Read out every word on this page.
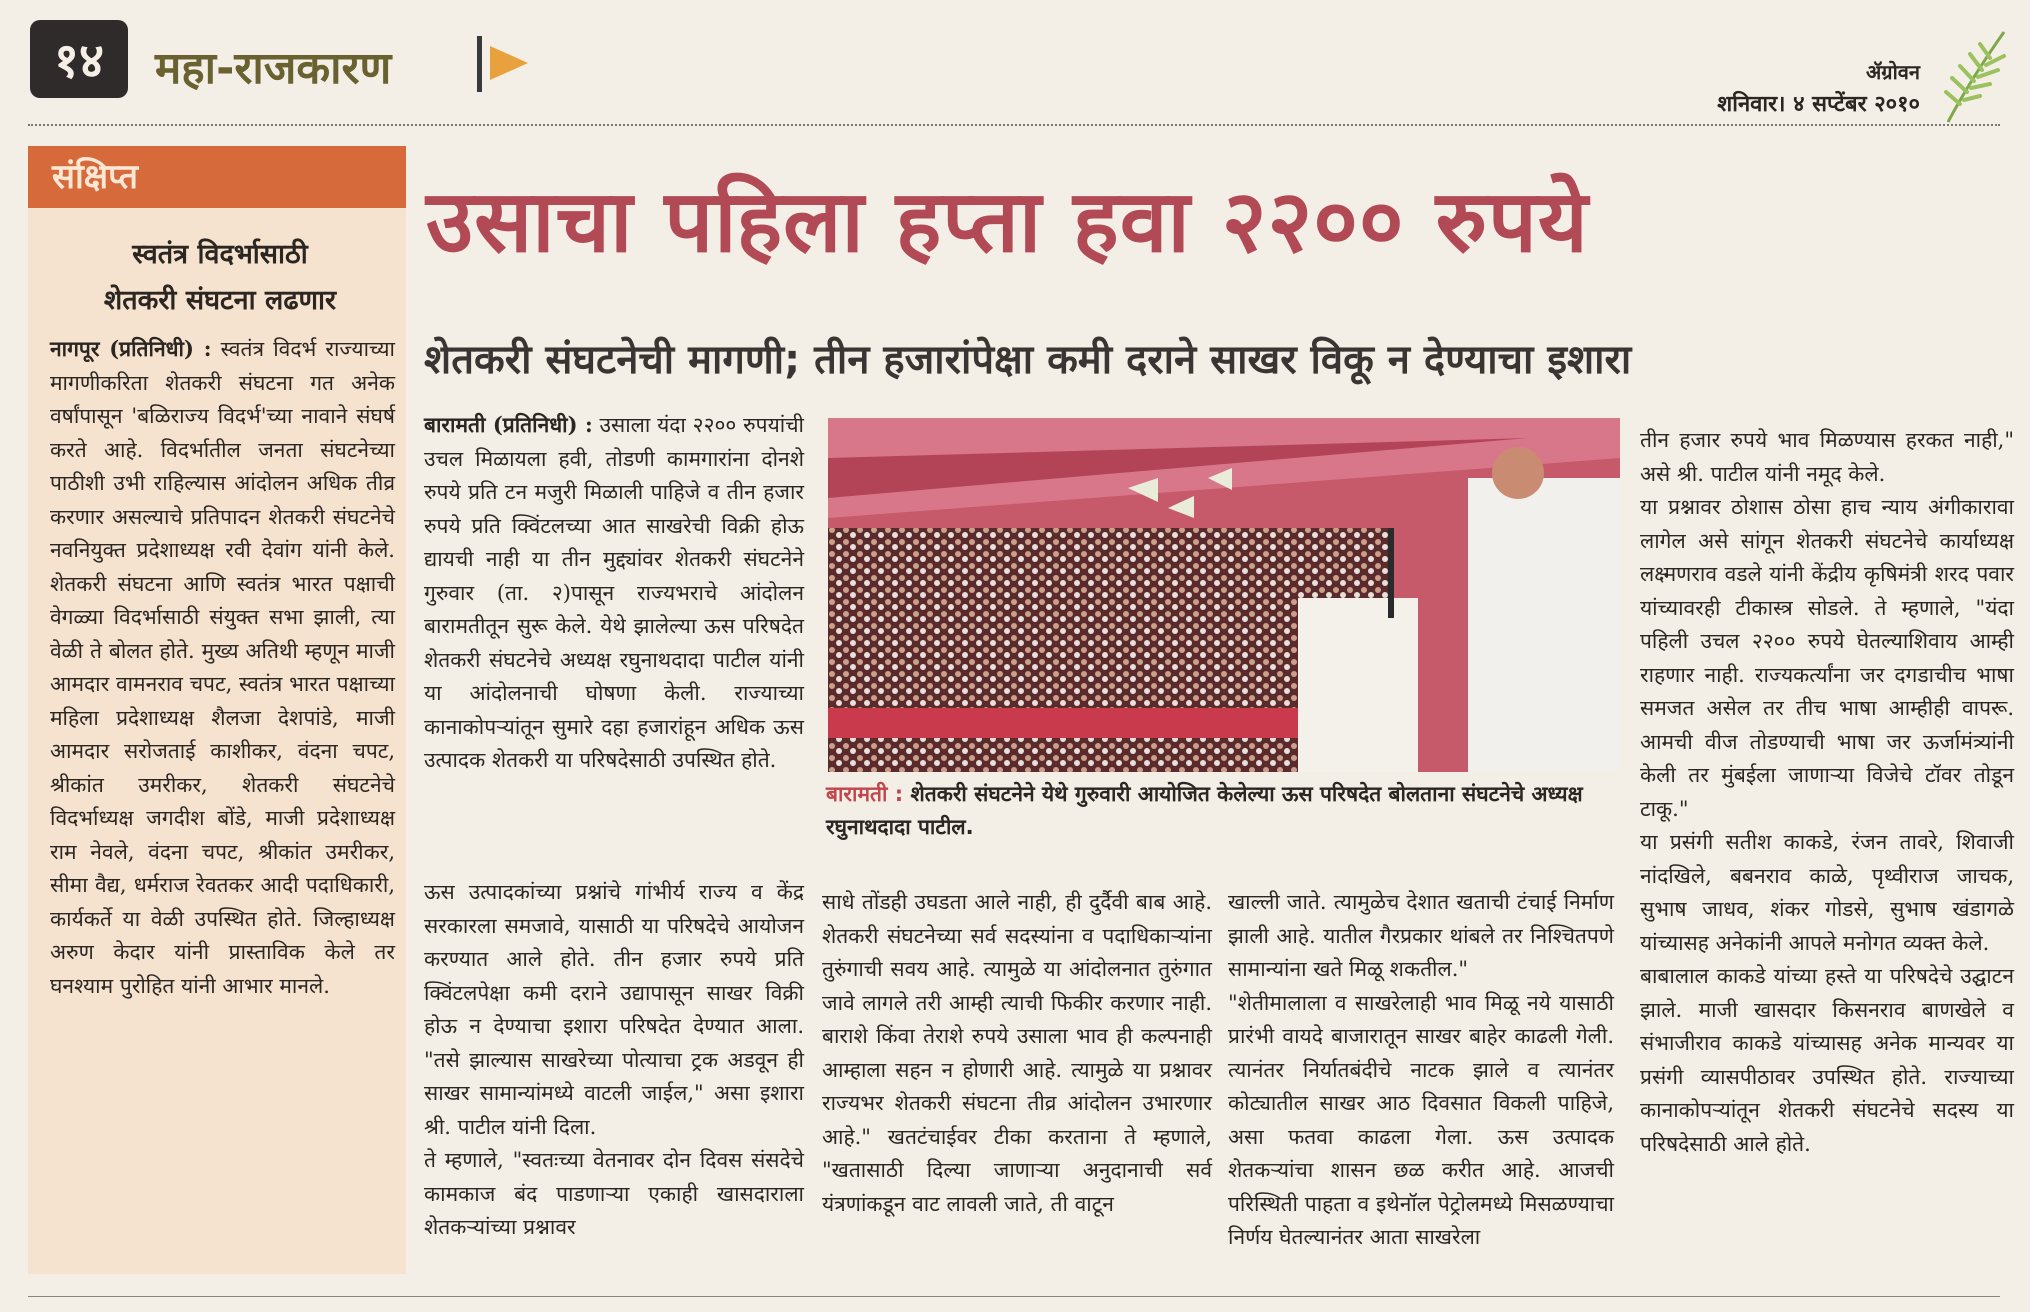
१४	महा-राजकारण	ॲग्रोवन
शनिवार। ४ सप्टेंबर २०१०
संक्षिप्त
स्वतंत्र विदर्भासाठी
शेतकरी संघटना लढणार
नागपूर (प्रतिनिधी) : स्वतंत्र विदर्भ राज्याच्या मागणीकरिता शेतकरी संघटना गत अनेक वर्षांपासून 'बळिराज्य विदर्भ'च्या नावाने संघर्ष करते आहे. विदर्भातील जनता संघटनेच्या पाठीशी उभी राहिल्यास आंदोलन अधिक तीव्र करणार असल्याचे प्रतिपादन शेतकरी संघटनेचे नवनियुक्त प्रदेशाध्यक्ष रवी देवांग यांनी केले. शेतकरी संघटना आणि स्वतंत्र भारत पक्षाची वेगळ्या विदर्भासाठी संयुक्त सभा झाली, त्या वेळी ते बोलत होते. मुख्य अतिथी म्हणून माजी आमदार वामनराव चपट, स्वतंत्र भारत पक्षाच्या महिला प्रदेशाध्यक्ष शैलजा देशपांडे, माजी आमदार सरोजताई काशीकर, वंदना चपट, श्रीकांत उमरीकर, शेतकरी संघटनेचे विदर्भाध्यक्ष जगदीश बोंडे, माजी प्रदेशाध्यक्ष राम नेवले, वंदना चपट, श्रीकांत उमरीकर, सीमा वैद्य, धर्मराज रेवतकर आदी पदाधिकारी, कार्यकर्ते या वेळी उपस्थित होते. जिल्हाध्यक्ष अरुण केदार यांनी प्रास्ताविक केले तर घनश्याम पुरोहित यांनी आभार मानले.
उसाचा पहिला हप्ता हवा २२०० रुपये
शेतकरी संघटनेची मागणी; तीन हजारांपेक्षा कमी दराने साखर विकू न देण्याचा इशारा
बारामती (प्रतिनिधी) : उसाला यंदा २२०० रुपयांची उचल मिळायला हवी, तोडणी कामगारांना दोनशे रुपये प्रति टन मजुरी मिळाली पाहिजे व तीन हजार रुपये प्रति क्विंटलच्या आत साखरेची विक्री होऊ द्यायची नाही या तीन मुद्द्यांवर शेतकरी संघटनेने गुरुवार (ता. २)पासून राज्यभराचे आंदोलन बारामतीतून सुरू केले. येथे झालेल्या ऊस परिषदेत शेतकरी संघटनेचे अध्यक्ष रघुनाथदादा पाटील यांनी या आंदोलनाची घोषणा केली. राज्याच्या कानाकोपऱ्यांतून सुमारे दहा हजारांहून अधिक ऊस उत्पादक शेतकरी या परिषदेसाठी उपस्थित होते.
ऊस उत्पादकांच्या प्रश्नांचे गांभीर्य राज्य व केंद्र सरकारला समजावे, यासाठी या परिषदेचे आयोजन करण्यात आले होते. तीन हजार रुपये प्रति क्विंटलपेक्षा कमी दराने उद्यापासून साखर विक्री होऊ न देण्याचा इशारा परिषदेत देण्यात आला. "तसे झाल्यास साखरेच्या पोत्याचा ट्रक अडवून ही साखर सामान्यांमध्ये वाटली जाईल," असा इशारा श्री. पाटील यांनी दिला.
ते म्हणाले, "स्वतःच्या वेतनावर दोन दिवस संसदेचे कामकाज बंद पाडणाऱ्या एकाही खासदाराला शेतकऱ्यांच्या प्रश्नावर
बारामती : शेतकरी संघटनेने येथे गुरुवारी आयोजित केलेल्या ऊस परिषदेत बोलताना संघटनेचे अध्यक्ष रघुनाथदादा पाटील.
साधे तोंडही उघडता आले नाही, ही दुर्दैवी बाब आहे. शेतकरी संघटनेच्या सर्व सदस्यांना व पदाधिकाऱ्यांना तुरुंगाची सवय आहे. त्यामुळे या आंदोलनात तुरुंगात जावे लागले तरी आम्ही त्याची फिकीर करणार नाही. बाराशे किंवा तेराशे रुपये उसाला भाव ही कल्पनाही आम्हाला सहन न होणारी आहे. त्यामुळे या प्रश्नावर राज्यभर शेतकरी संघटना तीव्र आंदोलन उभारणार आहे." खतटंचाईवर टीका करताना ते म्हणाले, "खतासाठी दिल्या जाणाऱ्या अनुदानाची सर्व यंत्रणांकडून वाट लावली जाते, ती वाटून
खाल्ली जाते. त्यामुळेच देशात खताची टंचाई निर्माण झाली आहे. यातील गैरप्रकार थांबले तर निश्चितपणे सामान्यांना खते मिळू शकतील."
"शेतीमालाला व साखरेलाही भाव मिळू नये यासाठी प्रारंभी वायदे बाजारातून साखर बाहेर काढली गेली. त्यानंतर निर्यातबंदीचे नाटक झाले व त्यानंतर कोट्यातील साखर आठ दिवसात विकली पाहिजे, असा फतवा काढला गेला. ऊस उत्पादक शेतकऱ्यांचा शासन छळ करीत आहे. आजची परिस्थिती पाहता व इथेनॉल पेट्रोलमध्ये मिसळण्याचा निर्णय घेतल्यानंतर आता साखरेला
तीन हजार रुपये भाव मिळण्यास हरकत नाही," असे श्री. पाटील यांनी नमूद केले.
या प्रश्नावर ठोशास ठोसा हाच न्याय अंगीकारावा लागेल असे सांगून शेतकरी संघटनेचे कार्याध्यक्ष लक्ष्मणराव वडले यांनी केंद्रीय कृषिमंत्री शरद पवार यांच्यावरही टीकास्त्र सोडले. ते म्हणाले, "यंदा पहिली उचल २२०० रुपये घेतल्याशिवाय आम्ही राहणार नाही. राज्यकर्त्यांना जर दगडाचीच भाषा समजत असेल तर तीच भाषा आम्हीही वापरू. आमची वीज तोडण्याची भाषा जर ऊर्जामंत्र्यांनी केली तर मुंबईला जाणाऱ्या विजेचे टॉवर तोडून टाकू."
या प्रसंगी सतीश काकडे, रंजन तावरे, शिवाजी नांदखिले, बबनराव काळे, पृथ्वीराज जाचक, सुभाष जाधव, शंकर गोडसे, सुभाष खंडागळे यांच्यासह अनेकांनी आपले मनोगत व्यक्त केले.
बाबालाल काकडे यांच्या हस्ते या परिषदेचे उद्घाटन झाले. माजी खासदार किसनराव बाणखेले व संभाजीराव काकडे यांच्यासह अनेक मान्यवर या प्रसंगी व्यासपीठावर उपस्थित होते. राज्याच्या कानाकोपऱ्यांतून शेतकरी संघटनेचे सदस्य या परिषदेसाठी आले होते.
